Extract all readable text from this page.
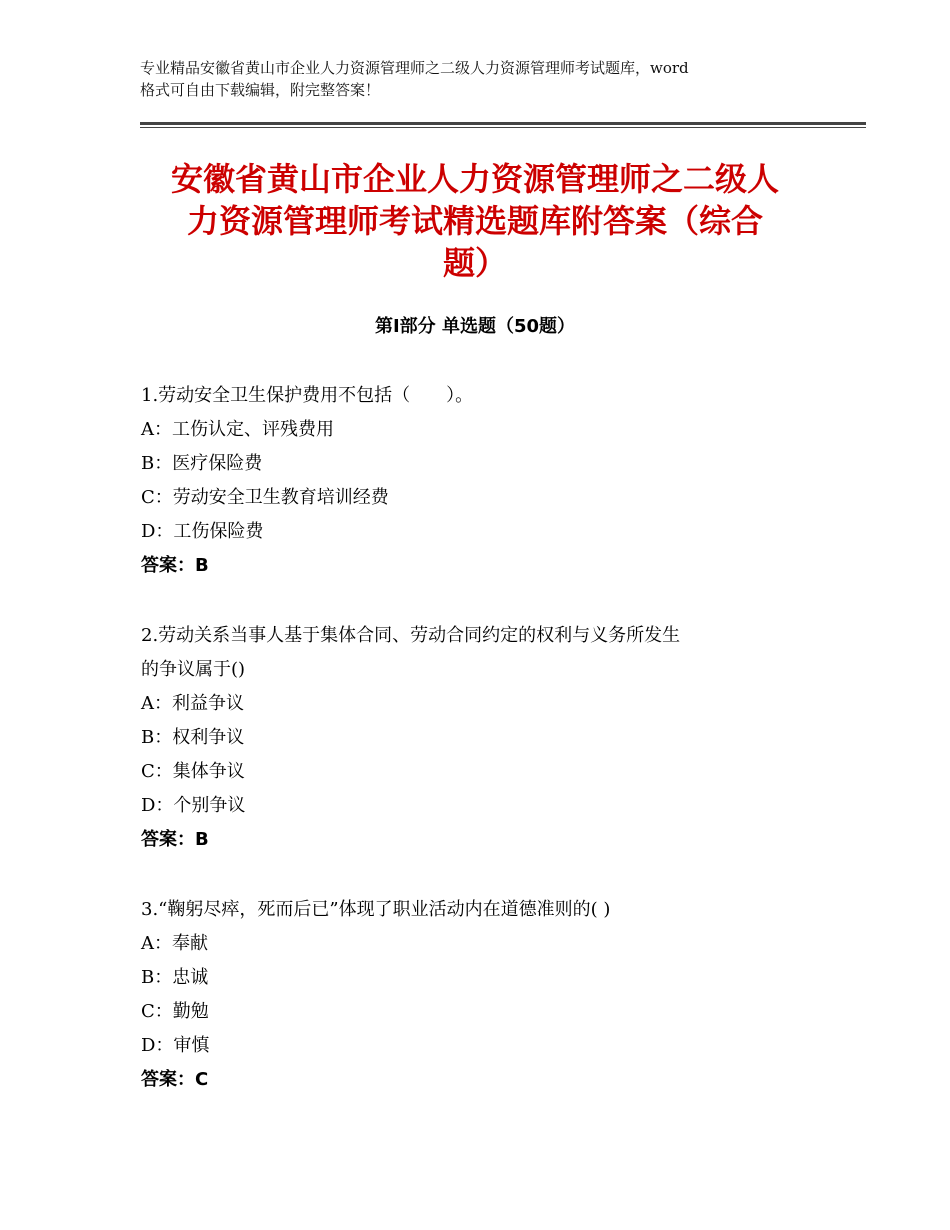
专业精品安徽省黄山市企业人力资源管理师之二级人力资源管理师考试题库，word
格式可自由下载编辑，附完整答案！
安徽省黄山市企业人力资源管理师之二级人
力资源管理师考试精选题库附答案（综合
题）
第Ⅰ部分 单选题（50题）
1.劳动安全卫生保护费用不包括（　　）。
A：工伤认定、评残费用
B：医疗保险费
C：劳动安全卫生教育培训经费
D：工伤保险费
答案：B
2.劳动关系当事人基于集体合同、劳动合同约定的权利与义务所发生
的争议属于()
A：利益争议
B：权利争议
C：集体争议
D：个别争议
答案：B
3.“鞠躬尽瘁，死而后已”体现了职业活动内在道德准则的( )
A：奉献
B：忠诚
C：勤勉
D：审慎
答案：C
